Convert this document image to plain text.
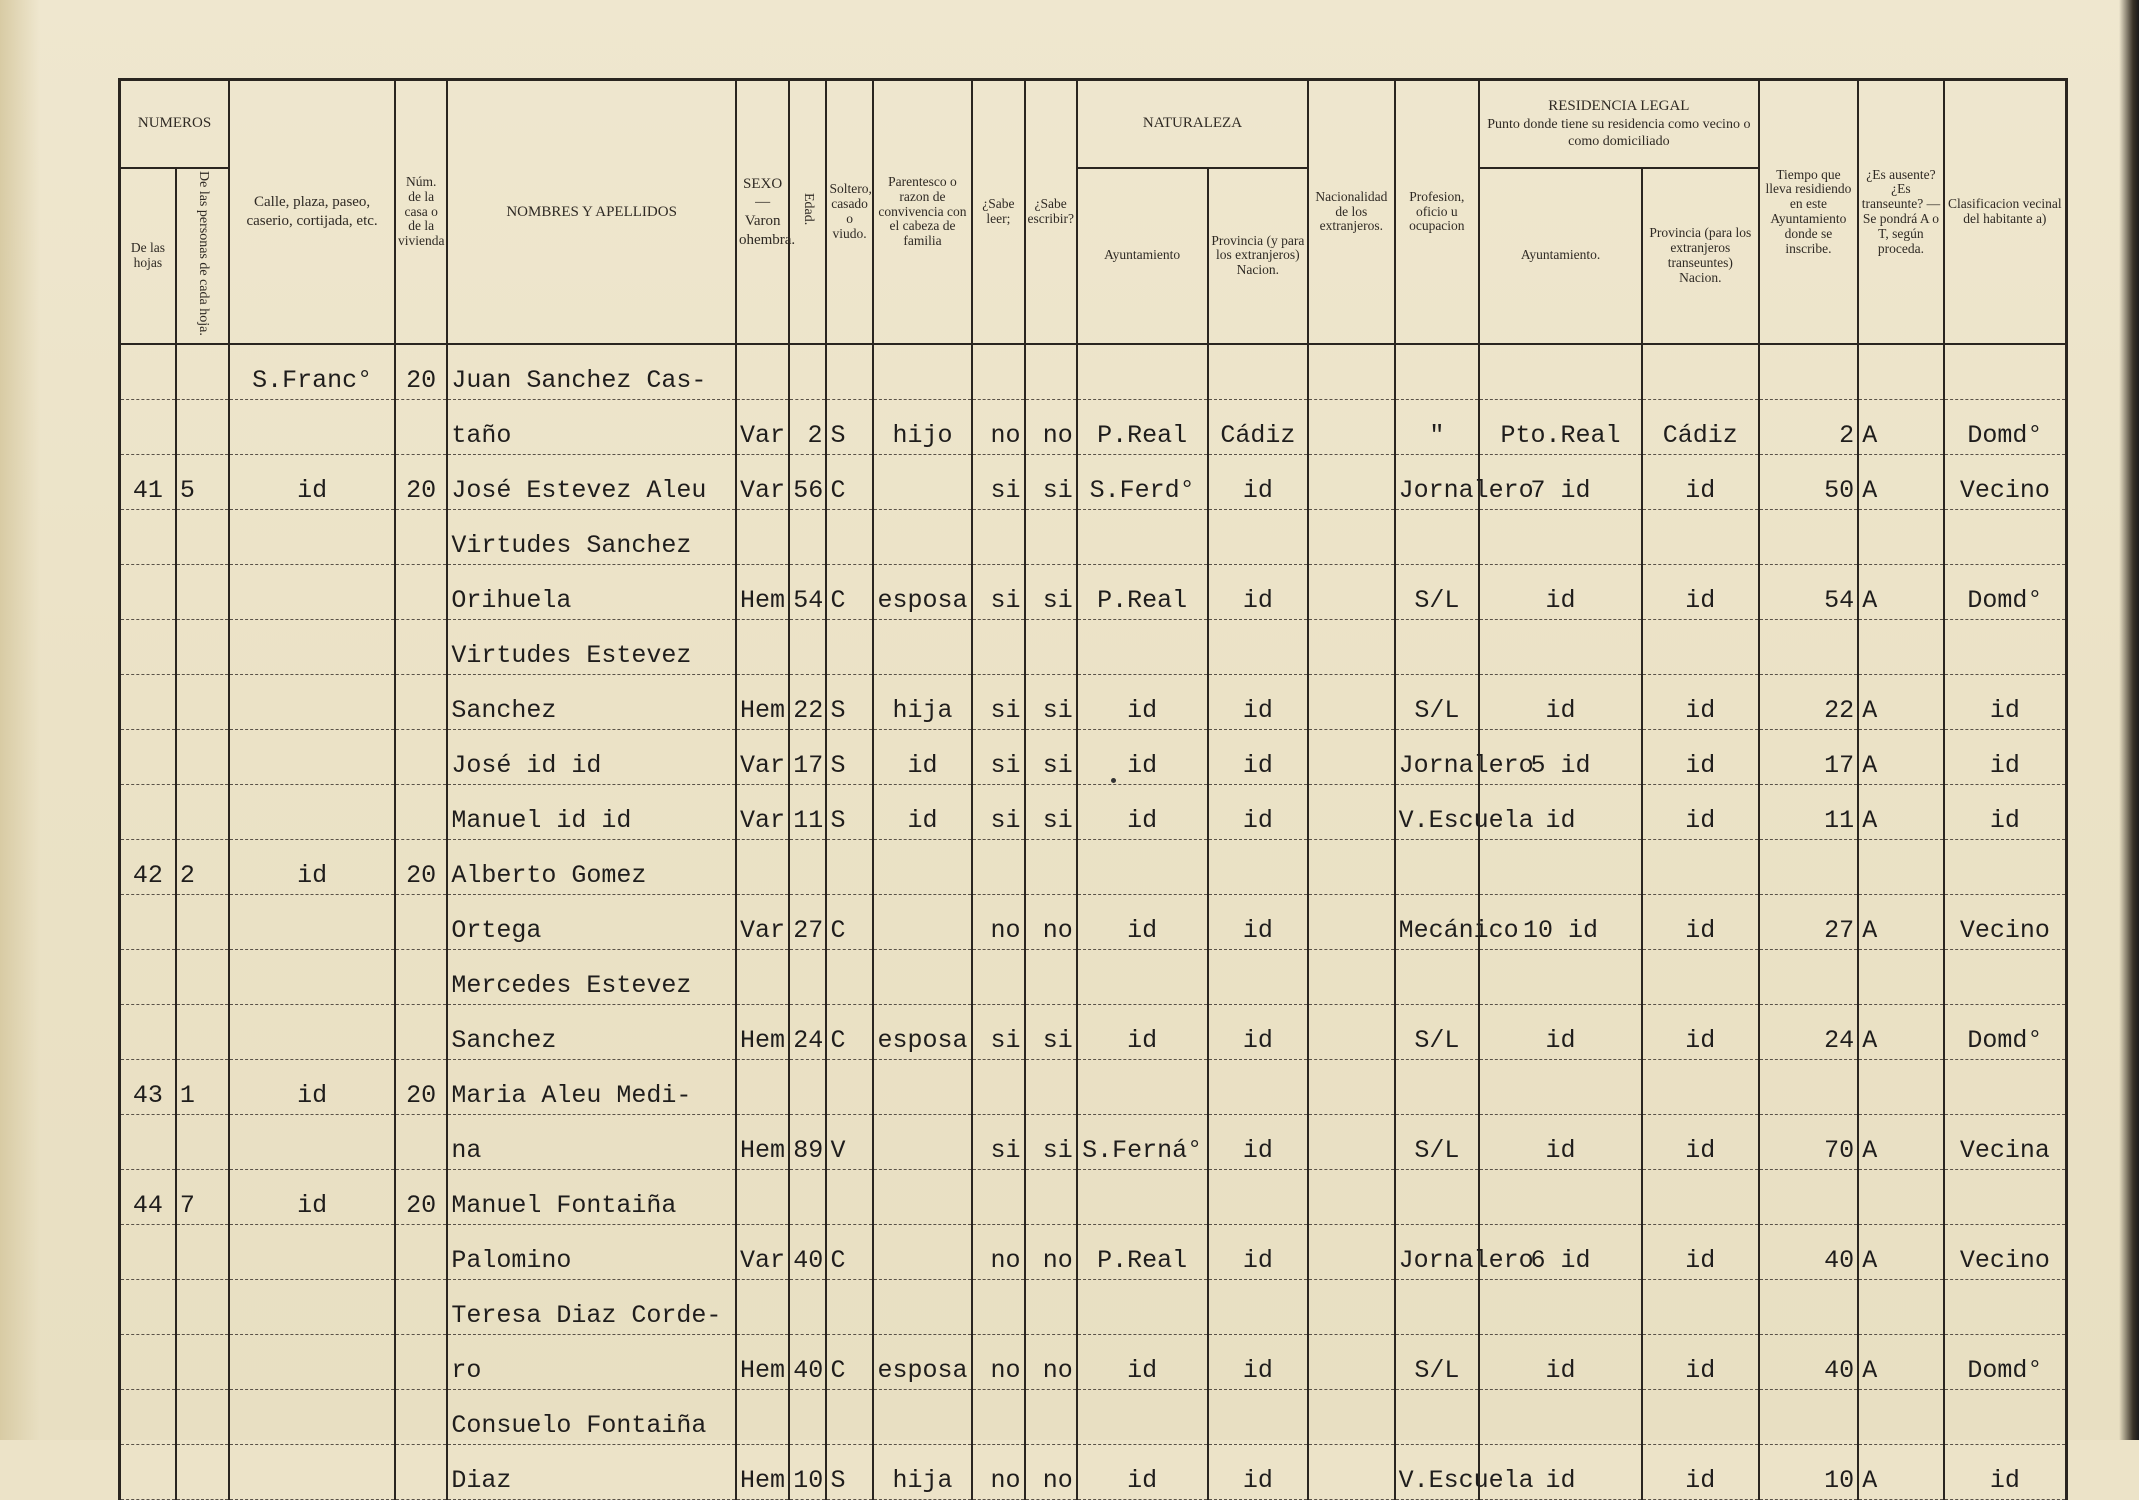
NUMEROS		Calle, plaza, paseo, caserio, cortijada, etc.	Núm. de la casa o de la vivienda	NOMBRES Y APELLIDOS	SEXO — Varon ohembra.	Edad.	Soltero, casado o viudo.	Parentesco o razon de convivencia con el cabeza de familia	¿Sabe leer;	¿Sabe escribir?	NATURALEZA		Nacionalidad de los extranjeros.	Profesion, oficio u ocupacion	RESIDENCIA LEGAL
Punto donde tiene su residencia como vecino o como domiciliado		Tiempo que lleva residiendo en este Ayuntamiento donde se inscribe.	¿Es ausente? ¿Es transeunte? — Se pondrá A o T, según proceda.	Clasificacion vecinal del habitante a)
De las hojas	De las personas de cada hoja.										Ayuntamiento	Provincia (y para los extranjeros) Nacion.			Ayuntamiento.	Provincia (para los extranjeros transeuntes) Nacion.			
		S.Franc°	20	Juan Sanchez Cas-															
				taño	Var	2	S	hijo	no	no	P.Real	Cádiz		"	Pto.Real	Cádiz	2	A	Domd°
41	5	id	20	José Estevez Aleu	Var	56	C		si	si	S.Ferd°	id		Jornalero	7 id	id	50	A	Vecino
				Virtudes Sanchez															
				Orihuela	Hem	54	C	esposa	si	si	P.Real	id		S/L	id	id	54	A	Domd°
				Virtudes Estevez															
				Sanchez	Hem	22	S	hija	si	si	id	id		S/L	id	id	22	A	id
				José id id	Var	17	S	id	si	si	id	id		Jornalero	5 id	id	17	A	id
				Manuel id id	Var	11	S	id	si	si	id	id		V.Escuela	id	id	11	A	id
42	2	id	20	Alberto Gomez															
				Ortega	Var	27	C		no	no	id	id		Mecánico	10 id	id	27	A	Vecino
				Mercedes Estevez															
				Sanchez	Hem	24	C	esposa	si	si	id	id		S/L	id	id	24	A	Domd°
43	1	id	20	Maria Aleu Medi-															
				na	Hem	89	V		si	si	S.Ferná°	id		S/L	id	id	70	A	Vecina
44	7	id	20	Manuel Fontaiña															
				Palomino	Var	40	C		no	no	P.Real	id		Jornalero	6 id	id	40	A	Vecino
				Teresa Diaz Corde-															
				ro	Hem	40	C	esposa	no	no	id	id		S/L	id	id	40	A	Domd°
				Consuelo Fontaiña															
				Diaz	Hem	10	S	hija	no	no	id	id		V.Escuela	id	id	10	A	id
